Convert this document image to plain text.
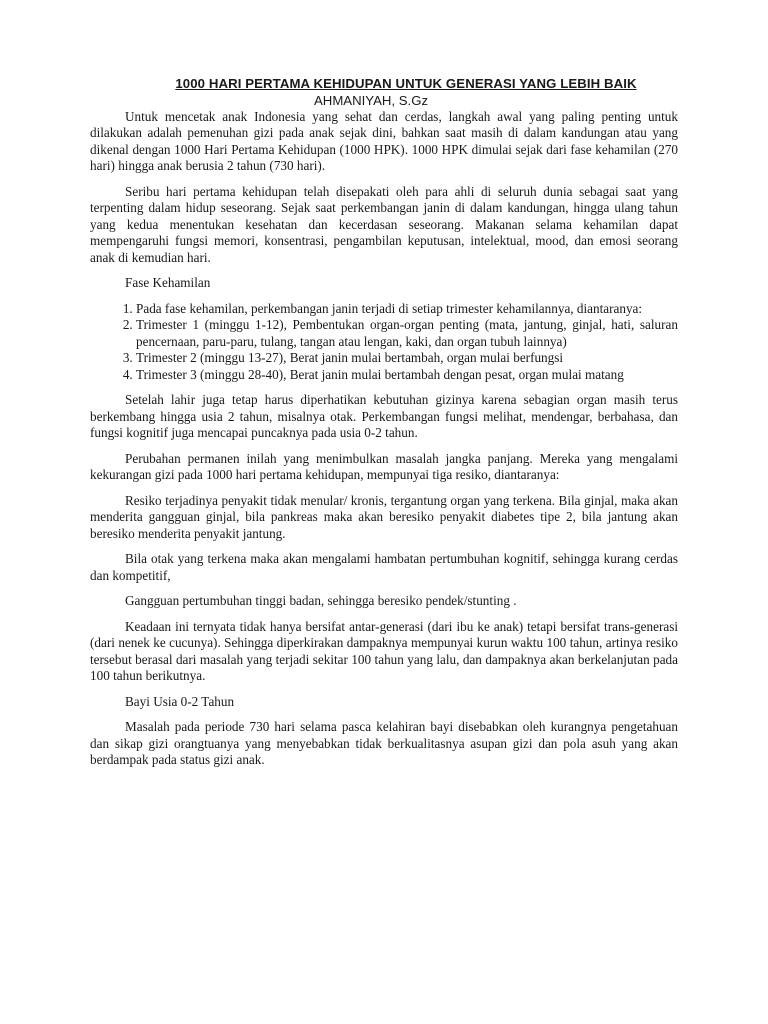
1000 HARI PERTAMA KEHIDUPAN UNTUK GENERASI YANG LEBIH BAIK
AHMANIYAH, S.Gz

Untuk mencetak anak Indonesia yang sehat dan cerdas, langkah awal yang paling penting untuk dilakukan adalah pemenuhan gizi pada anak sejak dini, bahkan saat masih di dalam kandungan atau yang dikenal dengan 1000 Hari Pertama Kehidupan (1000 HPK). 1000 HPK dimulai sejak dari fase kehamilan (270 hari) hingga anak berusia 2 tahun (730 hari).

Seribu hari pertama kehidupan telah disepakati oleh para ahli di seluruh dunia sebagai saat yang terpenting dalam hidup seseorang. Sejak saat perkembangan janin di dalam kandungan, hingga ulang tahun yang kedua menentukan kesehatan dan kecerdasan seseorang. Makanan selama kehamilan dapat mempengaruhi fungsi memori, konsentrasi, pengambilan keputusan, intelektual, mood, dan emosi seorang anak di kemudian hari.

Fase Kehamilan
1. Pada fase kehamilan, perkembangan janin terjadi di setiap trimester kehamilannya, diantaranya:
2. Trimester 1 (minggu 1-12), Pembentukan organ-organ penting (mata, jantung, ginjal, hati, saluran pencernaan, paru-paru, tulang, tangan atau lengan, kaki, dan organ tubuh lainnya)
3. Trimester 2 (minggu 13-27), Berat janin mulai bertambah, organ mulai berfungsi
4. Trimester 3 (minggu 28-40), Berat janin mulai bertambah dengan pesat, organ mulai matang

Setelah lahir juga tetap harus diperhatikan kebutuhan gizinya karena sebagian organ masih terus berkembang hingga usia 2 tahun, misalnya otak. Perkembangan fungsi melihat, mendengar, berbahasa, dan fungsi kognitif juga mencapai puncaknya pada usia 0-2 tahun.

Perubahan permanen inilah yang menimbulkan masalah jangka panjang. Mereka yang mengalami kekurangan gizi pada 1000 hari pertama kehidupan, mempunyai tiga resiko, diantaranya:

Resiko terjadinya penyakit tidak menular/ kronis, tergantung organ yang terkena. Bila ginjal, maka akan menderita gangguan ginjal, bila pankreas maka akan beresiko penyakit diabetes tipe 2, bila jantung akan beresiko menderita penyakit jantung.

Bila otak yang terkena maka akan mengalami hambatan pertumbuhan kognitif, sehingga kurang cerdas dan kompetitif,

Gangguan pertumbuhan tinggi badan, sehingga beresiko pendek/stunting .

Keadaan ini ternyata tidak hanya bersifat antar-generasi (dari ibu ke anak) tetapi bersifat trans-generasi (dari nenek ke cucunya). Sehingga diperkirakan dampaknya mempunyai kurun waktu 100 tahun, artinya resiko tersebut berasal dari masalah yang terjadi sekitar 100 tahun yang lalu, dan dampaknya akan berkelanjutan pada 100 tahun berikutnya.

Bayi Usia 0-2 Tahun

Masalah pada periode 730 hari selama pasca kelahiran bayi disebabkan oleh kurangnya pengetahuan dan sikap gizi orangtuanya yang menyebabkan tidak berkualitasnya asupan gizi dan pola asuh yang akan berdampak pada status gizi anak.
